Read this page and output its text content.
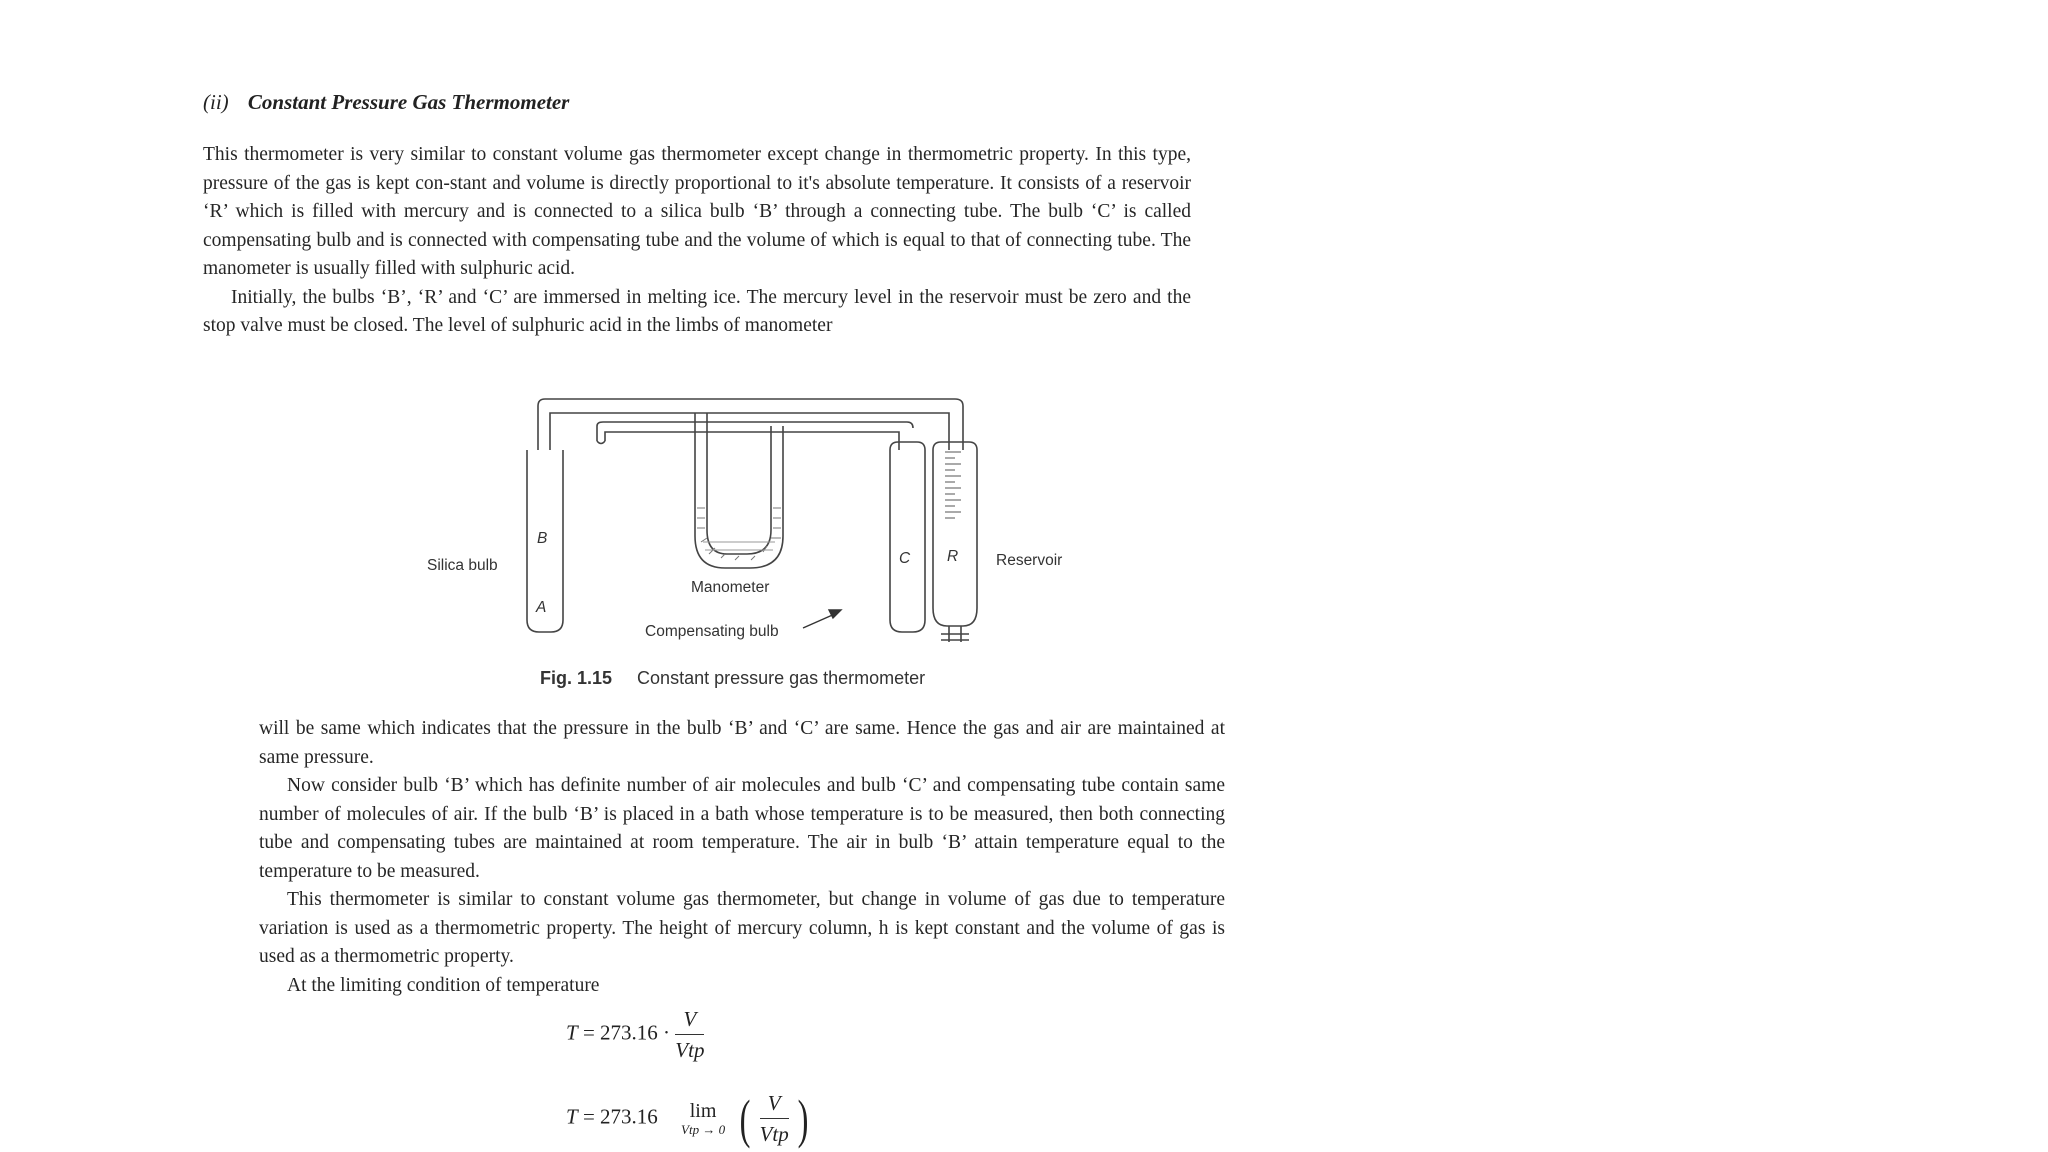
(ii) Constant Pressure Gas Thermometer
This thermometer is very similar to constant volume gas thermometer except change in thermometric property. In this type, pressure of the gas is kept con-stant and volume is directly proportional to it's absolute temperature. It consists of a reservoir ‘R’ which is filled with mercury and is connected to a silica bulb ‘B’ through a connecting tube. The bulb ‘C’ is called compensating bulb and is connected with compensating tube and the volume of which is equal to that of connecting tube. The manometer is usually filled with sulphuric acid.
Initially, the bulbs ‘B’, ‘R’ and ‘C’ are immersed in melting ice. The mercury level in the reservoir must be zero and the stop valve must be closed. The level of sulphuric acid in the limbs of manometer
Silica bulb
B
A
Manometer
C R Reservoir
Compensating bulb
Fig. 1.15 Constant pressure gas thermometer
will be same which indicates that the pressure in the bulb ‘B’ and ‘C’ are same. Hence the gas and air are maintained at same pressure.
Now consider bulb ‘B’ which has definite number of air molecules and bulb ‘C’ and compensating tube contain same number of molecules of air. If the bulb ‘B’ is placed in a bath whose temperature is to be measured, then both connecting tube and compensating tubes are maintained at room temperature. The air in bulb ‘B’ attain temperature equal to the temperature to be measured.
This thermometer is similar to constant volume gas thermometer, but change in volume of gas due to temperature variation is used as a thermometric property. The height of mercury column, h is kept constant and the volume of gas is used as a thermometric property.
At the limiting condition of temperature
$T = 273.16 \cdot \frac{V}{\text{Vtp}}$
T = 273.16	lim
Vtp → 0 ( $\frac{V}{\text{Vtp}}$ )
